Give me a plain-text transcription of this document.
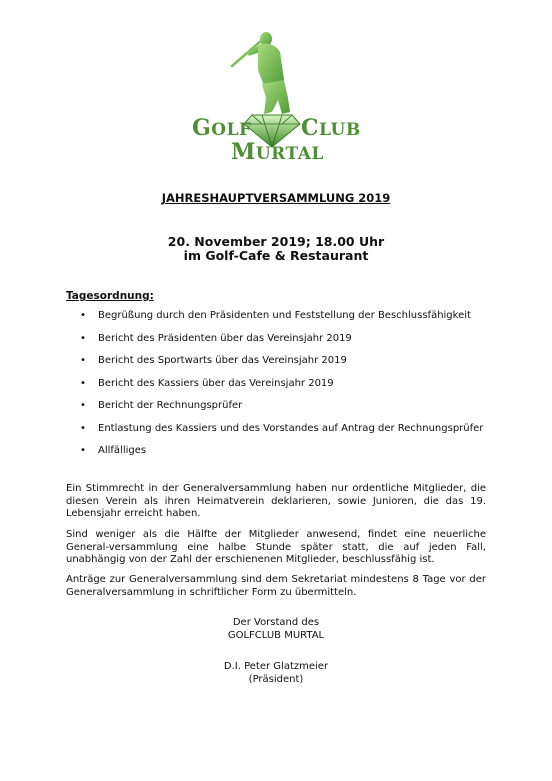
GOLF CLUB
MURTAL
JAHRESHAUPTVERSAMMLUNG 2019
20. November 2019; 18.00 Uhr
im Golf-Cafe & Restaurant
Tagesordnung:
• Begrüßung durch den Präsidenten und Feststellung der Beschlussfähigkeit
• Bericht des Präsidenten über das Vereinsjahr 2019
• Bericht des Sportwarts über das Vereinsjahr 2019
• Bericht des Kassiers über das Vereinsjahr 2019
• Bericht der Rechnungsprüfer
• Entlastung des Kassiers und des Vorstandes auf Antrag der Rechnungsprüfer
• Allfälliges
Ein Stimmrecht in der Generalversammlung haben nur ordentliche Mitglieder, die diesen Verein als ihren Heimatverein deklarieren, sowie Junioren, die das 19. Lebensjahr erreicht haben.
Sind weniger als die Hälfte der Mitglieder anwesend, findet eine neuerliche General-versammlung eine halbe Stunde später statt, die auf jeden Fall, unabhängig von der Zahl der erschienenen Mitglieder, beschlussfähig ist.
Anträge zur Generalversammlung sind dem Sekretariat mindestens 8 Tage vor der Generalversammlung in schriftlicher Form zu übermitteln.
Der Vorstand des
GOLFCLUB MURTAL
D.I. Peter Glatzmeier
(Präsident)
